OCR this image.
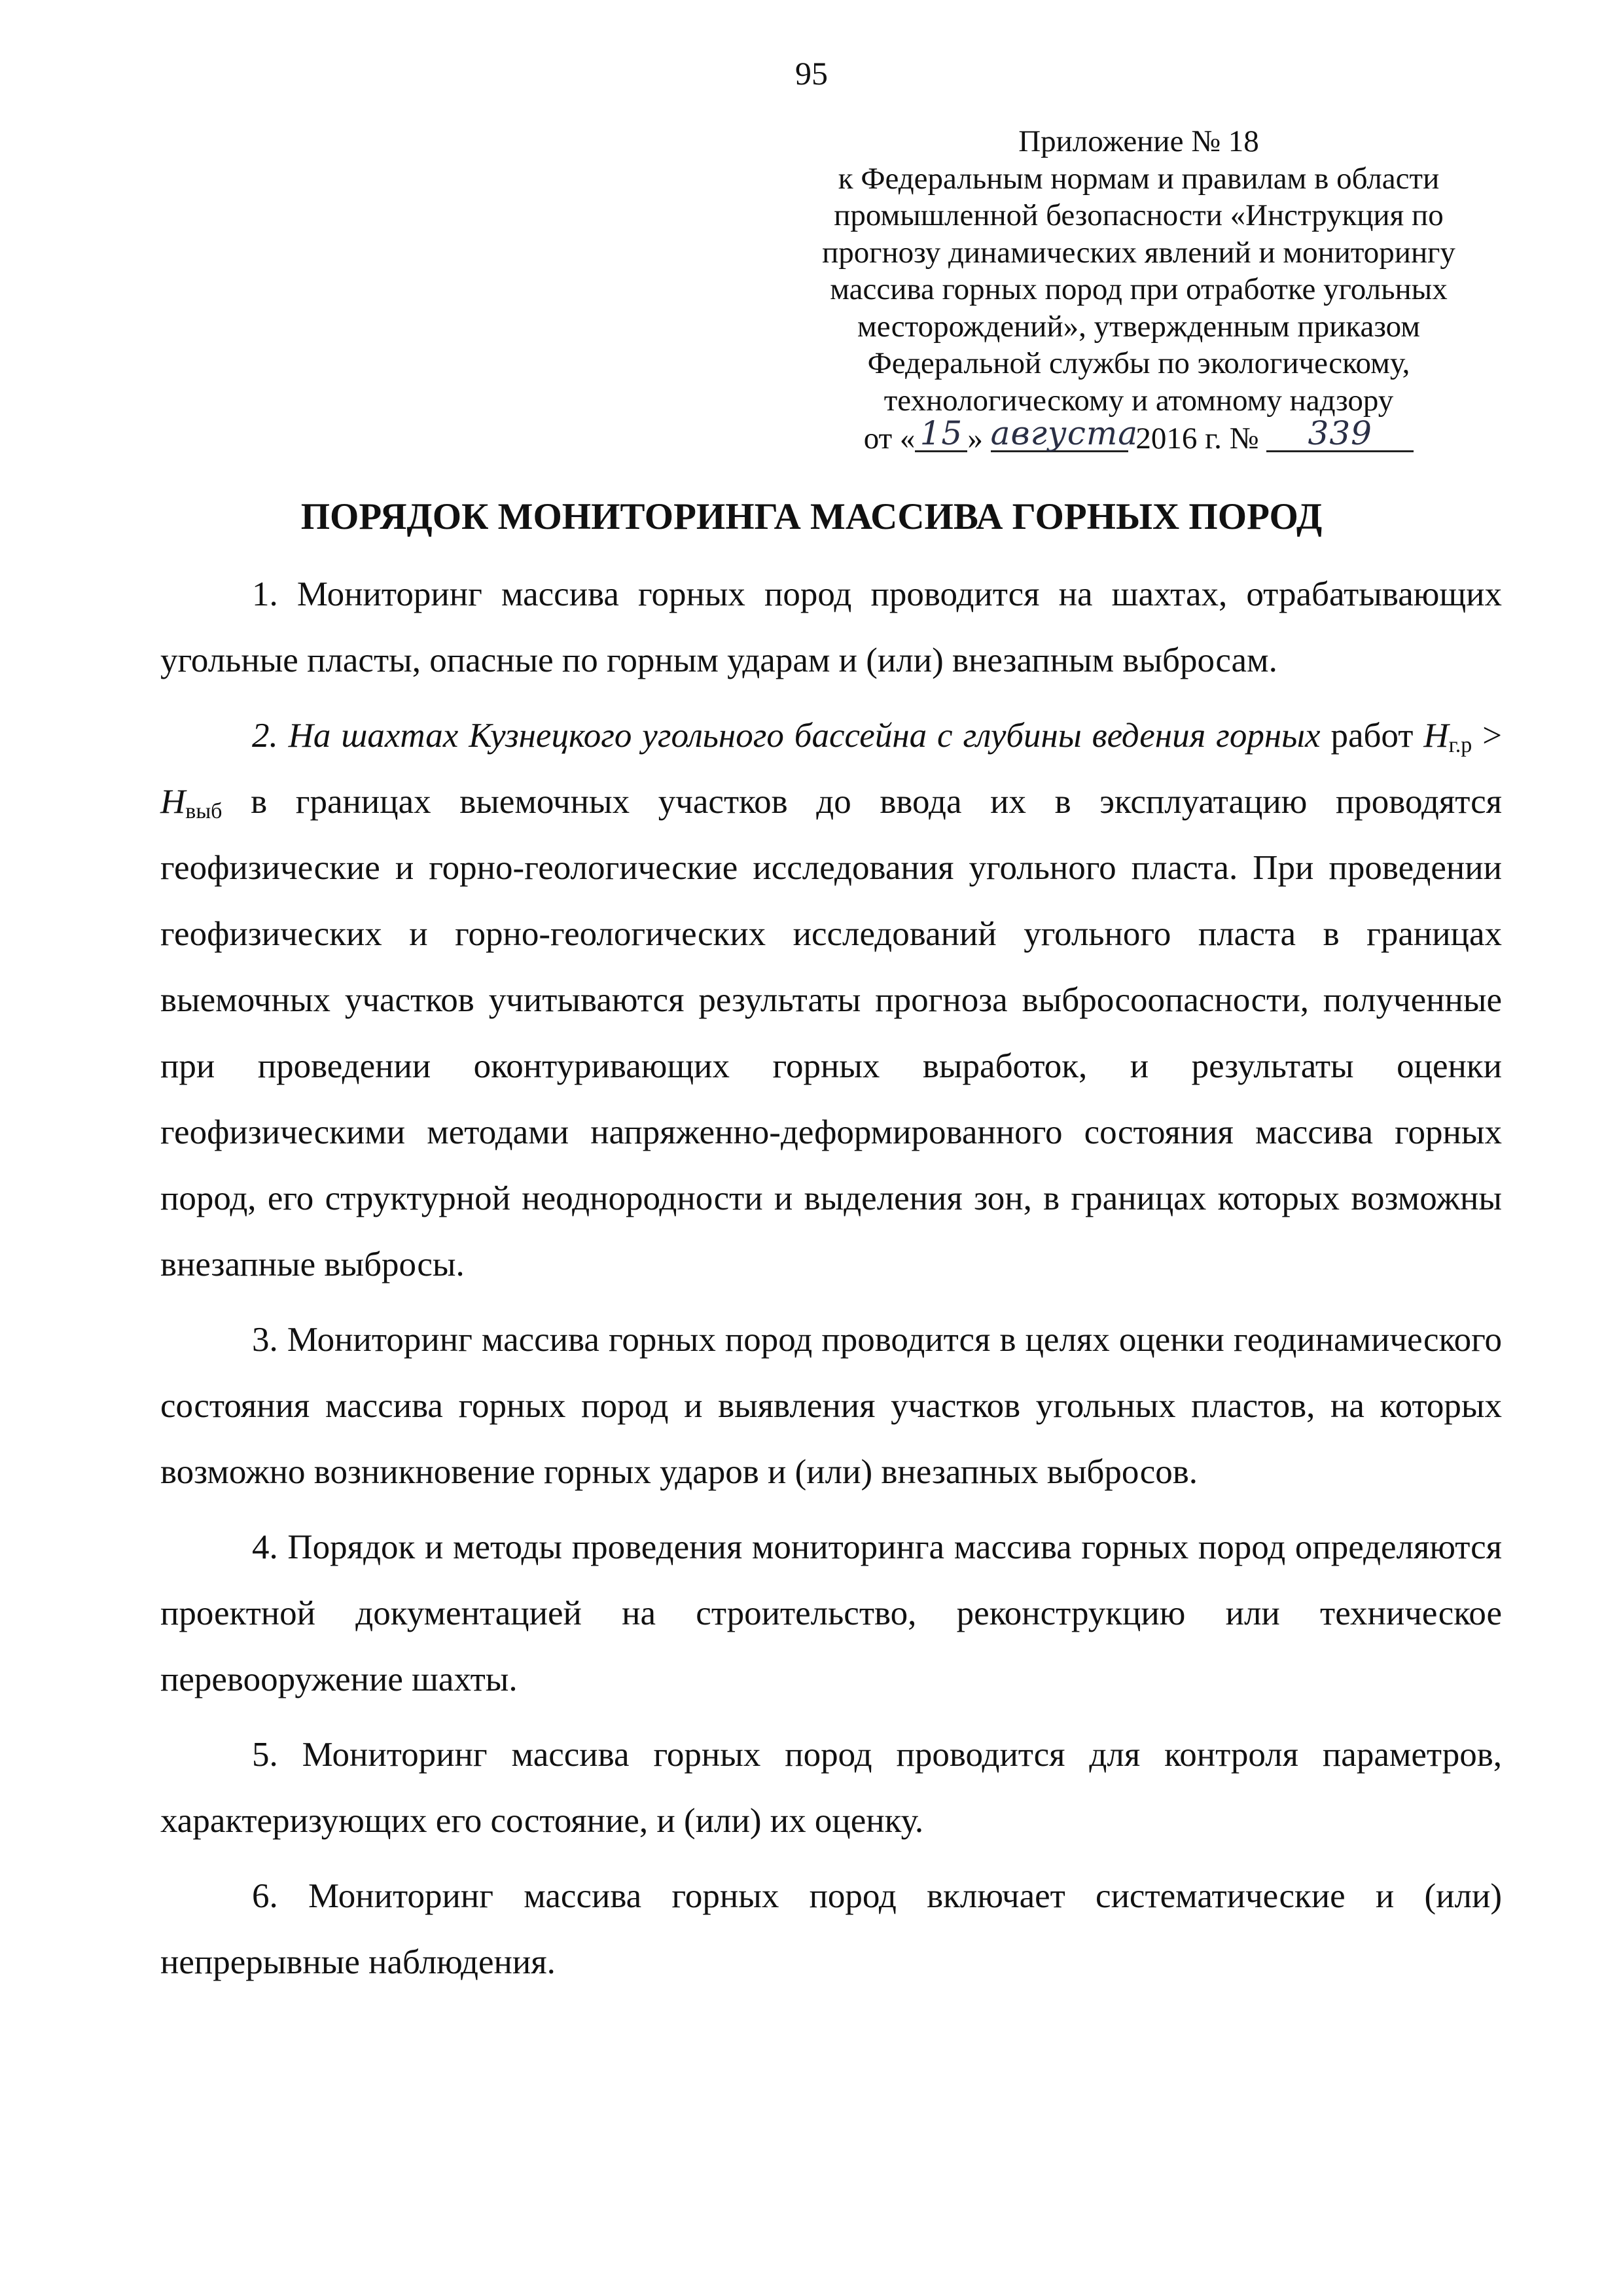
95
Приложение № 18
к Федеральным нормам и правилам в области
промышленной безопасности «Инструкция по
прогнозу динамических явлений и мониторингу
массива горных пород при отработке угольных
месторождений», утвержденным приказом
Федеральной службы по экологическому,
технологическому и атомному надзору
от « 15 » августа 2016 г. № 339
ПОРЯДОК МОНИТОРИНГА МАССИВА ГОРНЫХ ПОРОД

1. Мониторинг массива горных пород проводится на шахтах, отрабатывающих угольные пласты, опасные по горным ударам и (или) внезапным выбросам.

2. На шахтах Кузнецкого угольного бассейна с глубины ведения горных работ $H_{г.р} > H_{выб}$ в границах выемочных участков до ввода их в эксплуатацию проводятся геофизические и горно-геологические исследования угольного пласта. При проведении геофизических и горно-геологических исследований угольного пласта в границах выемочных участков учитываются результаты прогноза выбросоопасности, полученные при проведении оконтуривающих горных выработок, и результаты оценки геофизическими методами напряженно-деформированного состояния массива горных пород, его структурной неоднородности и выделения зон, в границах которых возможны внезапные выбросы.

3. Мониторинг массива горных пород проводится в целях оценки геодинамического состояния массива горных пород и выявления участков угольных пластов, на которых возможно возникновение горных ударов и (или) внезапных выбросов.

4. Порядок и методы проведения мониторинга массива горных пород определяются проектной документацией на строительство, реконструкцию или техническое перевооружение шахты.

5. Мониторинг массива горных пород проводится для контроля параметров, характеризующих его состояние, и (или) их оценку.

6. Мониторинг массива горных пород включает систематические и (или) непрерывные наблюдения.
